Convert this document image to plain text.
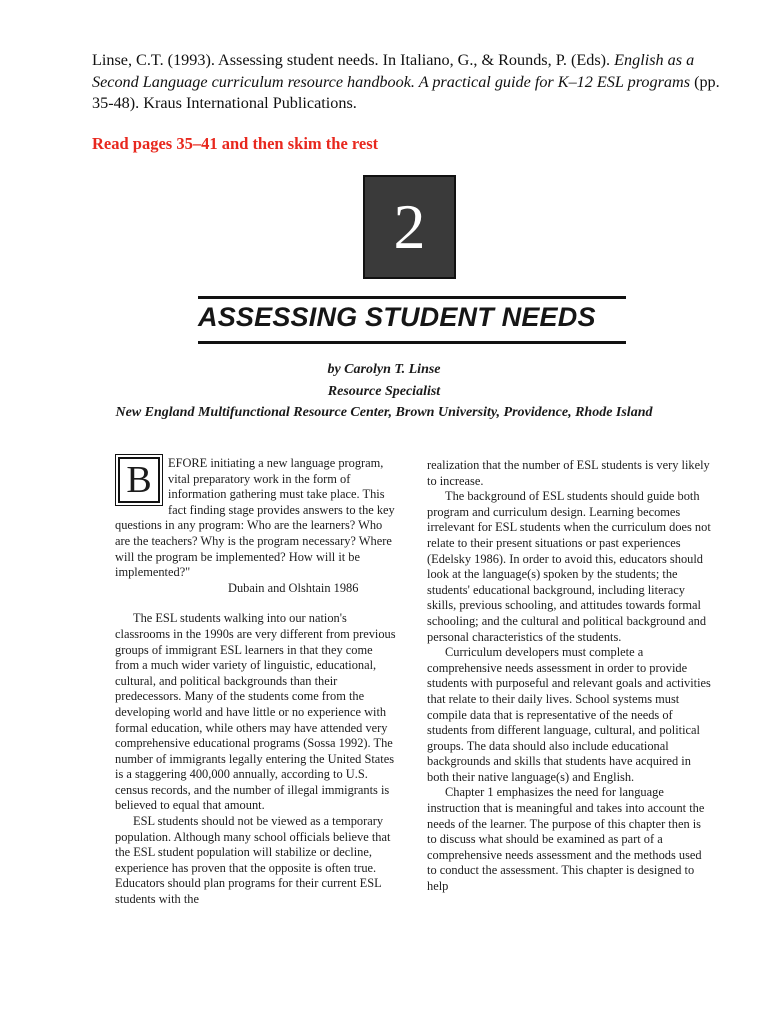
Linse, C.T. (1993). Assessing student needs. In Italiano, G., & Rounds, P. (Eds). English as a Second Language curriculum resource handbook. A practical guide for K–12 ESL programs (pp. 35-48). Kraus International Publications.
Read pages 35–41 and then skim the rest
2
ASSESSING STUDENT NEEDS
by Carolyn T. Linse
Resource Specialist
New England Multifunctional Resource Center, Brown University, Providence, Rhode Island

B	EFORE initiating a new language program, vital preparatory work in the form of information gathering must take place. This fact finding stage provides answers to the key questions in any program: Who are the learners? Who are the teachers? Why is the program necessary? Where will the program be implemented? How will it be implemented?"

Dubain and Olshtain 1986

The ESL students walking into our nation's classrooms in the 1990s are very different from previous groups of immigrant ESL learners in that they come from a much wider variety of linguistic, educational, cultural, and political backgrounds than their predecessors. Many of the students come from the developing world and have little or no experience with formal education, while others may have attended very comprehensive educational programs (Sossa 1992). The number of immigrants legally entering the United States is a staggering 400,000 annually, according to U.S. census records, and the number of illegal immigrants is believed to equal that amount.

ESL students should not be viewed as a temporary population. Although many school officials believe that the ESL student population will stabilize or decline, experience has proven that the opposite is often true. Educators should plan programs for their current ESL students with the

realization that the number of ESL students is very likely to increase.

The background of ESL students should guide both program and curriculum design. Learning becomes irrelevant for ESL students when the curriculum does not relate to their present situations or past experiences (Edelsky 1986). In order to avoid this, educators should look at the language(s) spoken by the students; the students' educational background, including literacy skills, previous schooling, and attitudes towards formal schooling; and the cultural and political background and personal characteristics of the students.

Curriculum developers must complete a comprehensive needs assessment in order to provide students with purposeful and relevant goals and activities that relate to their daily lives. School systems must compile data that is representative of the needs of students from different language, cultural, and political groups. The data should also include educational backgrounds and skills that students have acquired in both their native language(s) and English.

Chapter 1 emphasizes the need for language instruction that is meaningful and takes into account the needs of the learner. The purpose of this chapter then is to discuss what should be examined as part of a comprehensive needs assessment and the methods used to conduct the assessment. This chapter is designed to help
